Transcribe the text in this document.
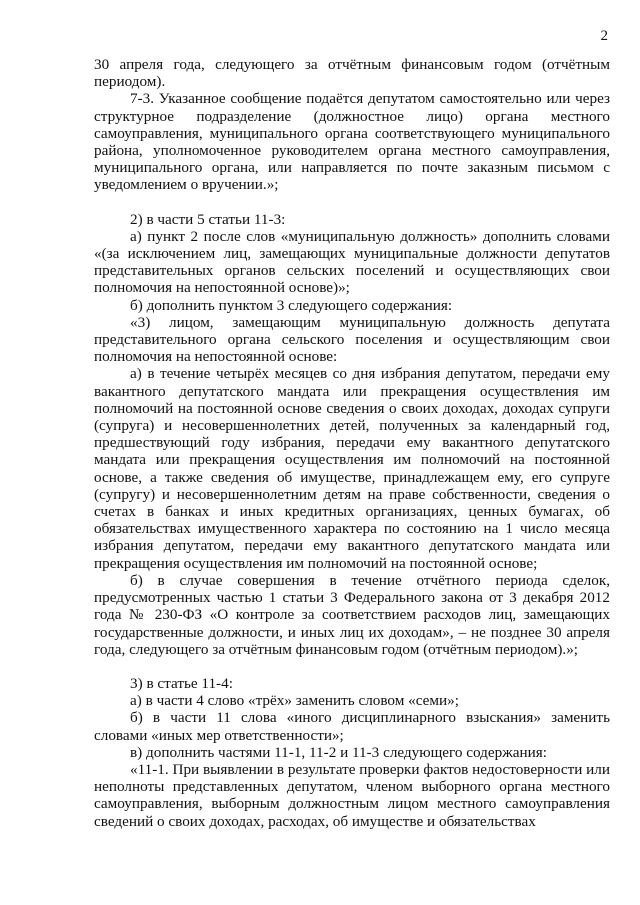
2

30 апреля года, следующего за отчётным финансовым годом (отчётным периодом).

7-3. Указанное сообщение подаётся депутатом самостоятельно или через структурное подразделение (должностное лицо) органа местного самоуправления, муниципального органа соответствующего муниципального района, уполномоченное руководителем органа местного самоуправления, муниципального органа, или направляется по почте заказным письмом с уведомлением о вручении.»;

2) в части 5 статьи 11-3:

а) пункт 2 после слов «муниципальную должность» дополнить словами «(за исключением лиц, замещающих муниципальные должности депутатов представительных органов сельских поселений и осуществляющих свои полномочия на непостоянной основе)»;

б) дополнить пунктом 3 следующего содержания:

«3) лицом, замещающим муниципальную должность депутата представительного органа сельского поселения и осуществляющим свои полномочия на непостоянной основе:

а) в течение четырёх месяцев со дня избрания депутатом, передачи ему вакантного депутатского мандата или прекращения осуществления им полномочий на постоянной основе сведения о своих доходах, доходах супруги (супруга) и несовершеннолетних детей, полученных за календарный год, предшествующий году избрания, передачи ему вакантного депутатского мандата или прекращения осуществления им полномочий на постоянной основе, а также сведения об имуществе, принадлежащем ему, его супруге (супругу) и несовершеннолетним детям на праве собственности, сведения о счетах в банках и иных кредитных организациях, ценных бумагах, об обязательствах имущественного характера по состоянию на 1 число месяца избрания депутатом, передачи ему вакантного депутатского мандата или прекращения осуществления им полномочий на постоянной основе;

б) в случае совершения в течение отчётного периода сделок, предусмотренных частью 1 статьи 3 Федерального закона от 3 декабря 2012 года № 230-ФЗ «О контроле за соответствием расходов лиц, замещающих государственные должности, и иных лиц их доходам», – не позднее 30 апреля года, следующего за отчётным финансовым годом (отчётным периодом).»;

3) в статье 11-4:

а) в части 4 слово «трёх» заменить словом «семи»;

б) в части 11 слова «иного дисциплинарного взыскания» заменить словами «иных мер ответственности»;

в) дополнить частями 11-1, 11-2 и 11-3 следующего содержания:

«11-1. При выявлении в результате проверки фактов недостоверности или неполноты представленных депутатом, членом выборного органа местного самоуправления, выборным должностным лицом местного самоуправления сведений о своих доходах, расходах, об имуществе и обязательствах
